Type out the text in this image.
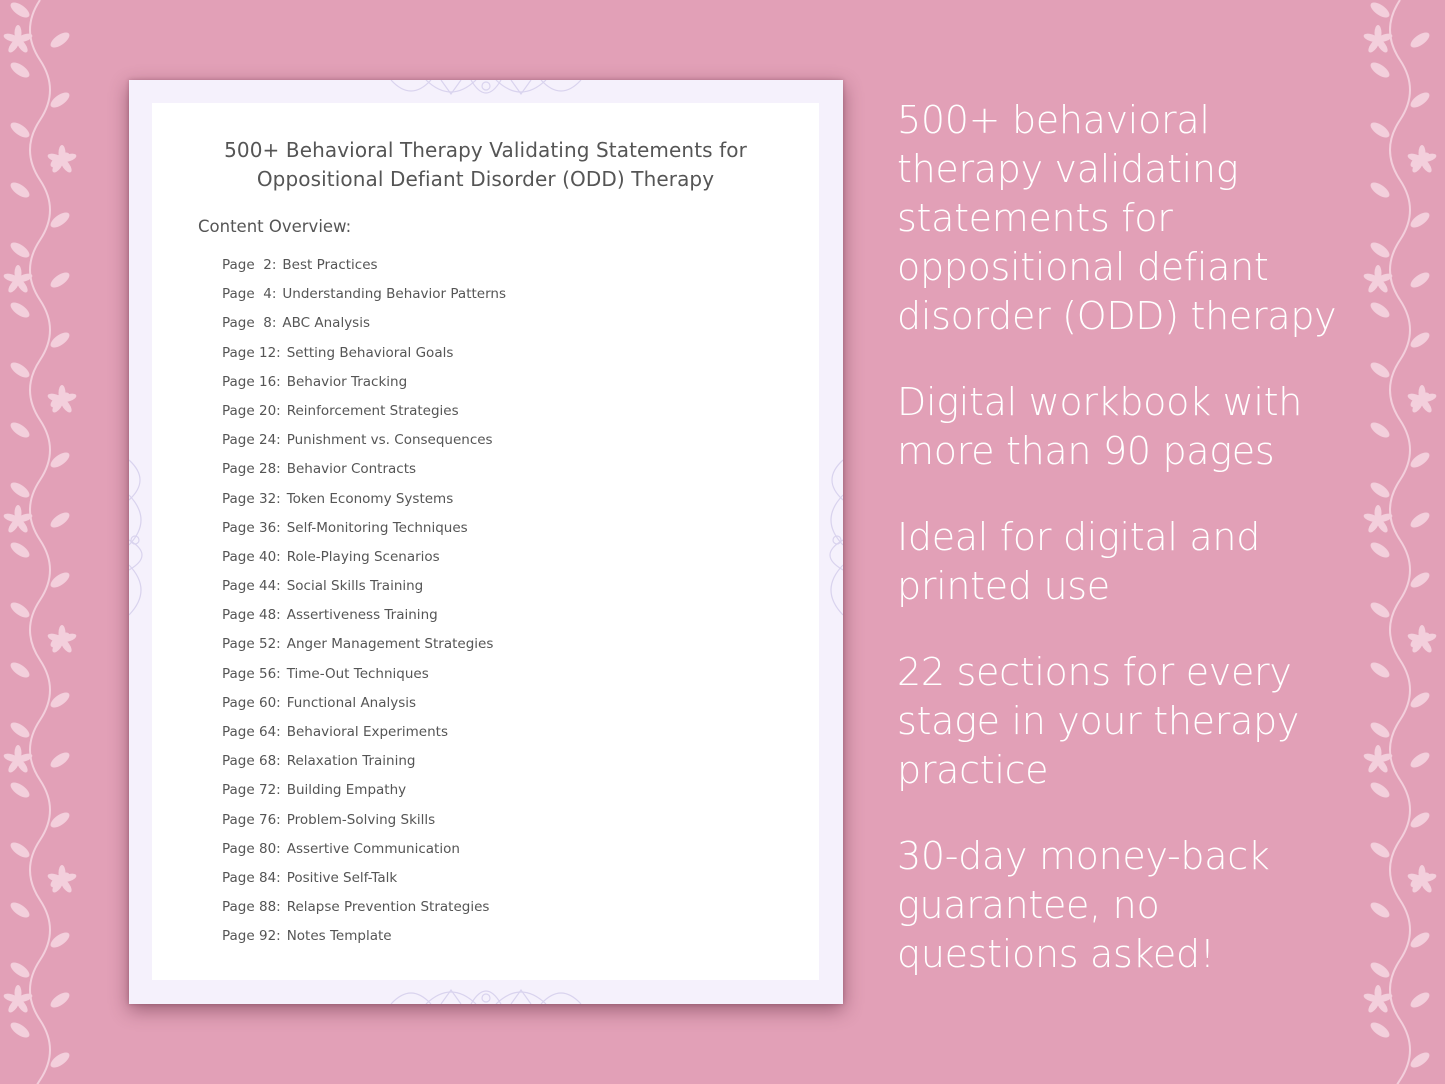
500+ Behavioral Therapy Validating Statements for
Oppositional Defiant Disorder (ODD) Therapy
Content Overview:
Page  2: Best Practices
Page  4: Understanding Behavior Patterns
Page  8: ABC Analysis
Page 12: Setting Behavioral Goals
Page 16: Behavior Tracking
Page 20: Reinforcement Strategies
Page 24: Punishment vs. Consequences
Page 28: Behavior Contracts
Page 32: Token Economy Systems
Page 36: Self-Monitoring Techniques
Page 40: Role-Playing Scenarios
Page 44: Social Skills Training
Page 48: Assertiveness Training
Page 52: Anger Management Strategies
Page 56: Time-Out Techniques
Page 60: Functional Analysis
Page 64: Behavioral Experiments
Page 68: Relaxation Training
Page 72: Building Empathy
Page 76: Problem-Solving Skills
Page 80: Assertive Communication
Page 84: Positive Self-Talk
Page 88: Relapse Prevention Strategies
Page 92: Notes Template
500+ behavioral
therapy validating
statements for
oppositional defiant
disorder (ODD) therapy
Digital workbook with
more than 90 pages
Ideal for digital and
printed use
22 sections for every
stage in your therapy
practice
30-day money-back
guarantee, no
questions asked!
